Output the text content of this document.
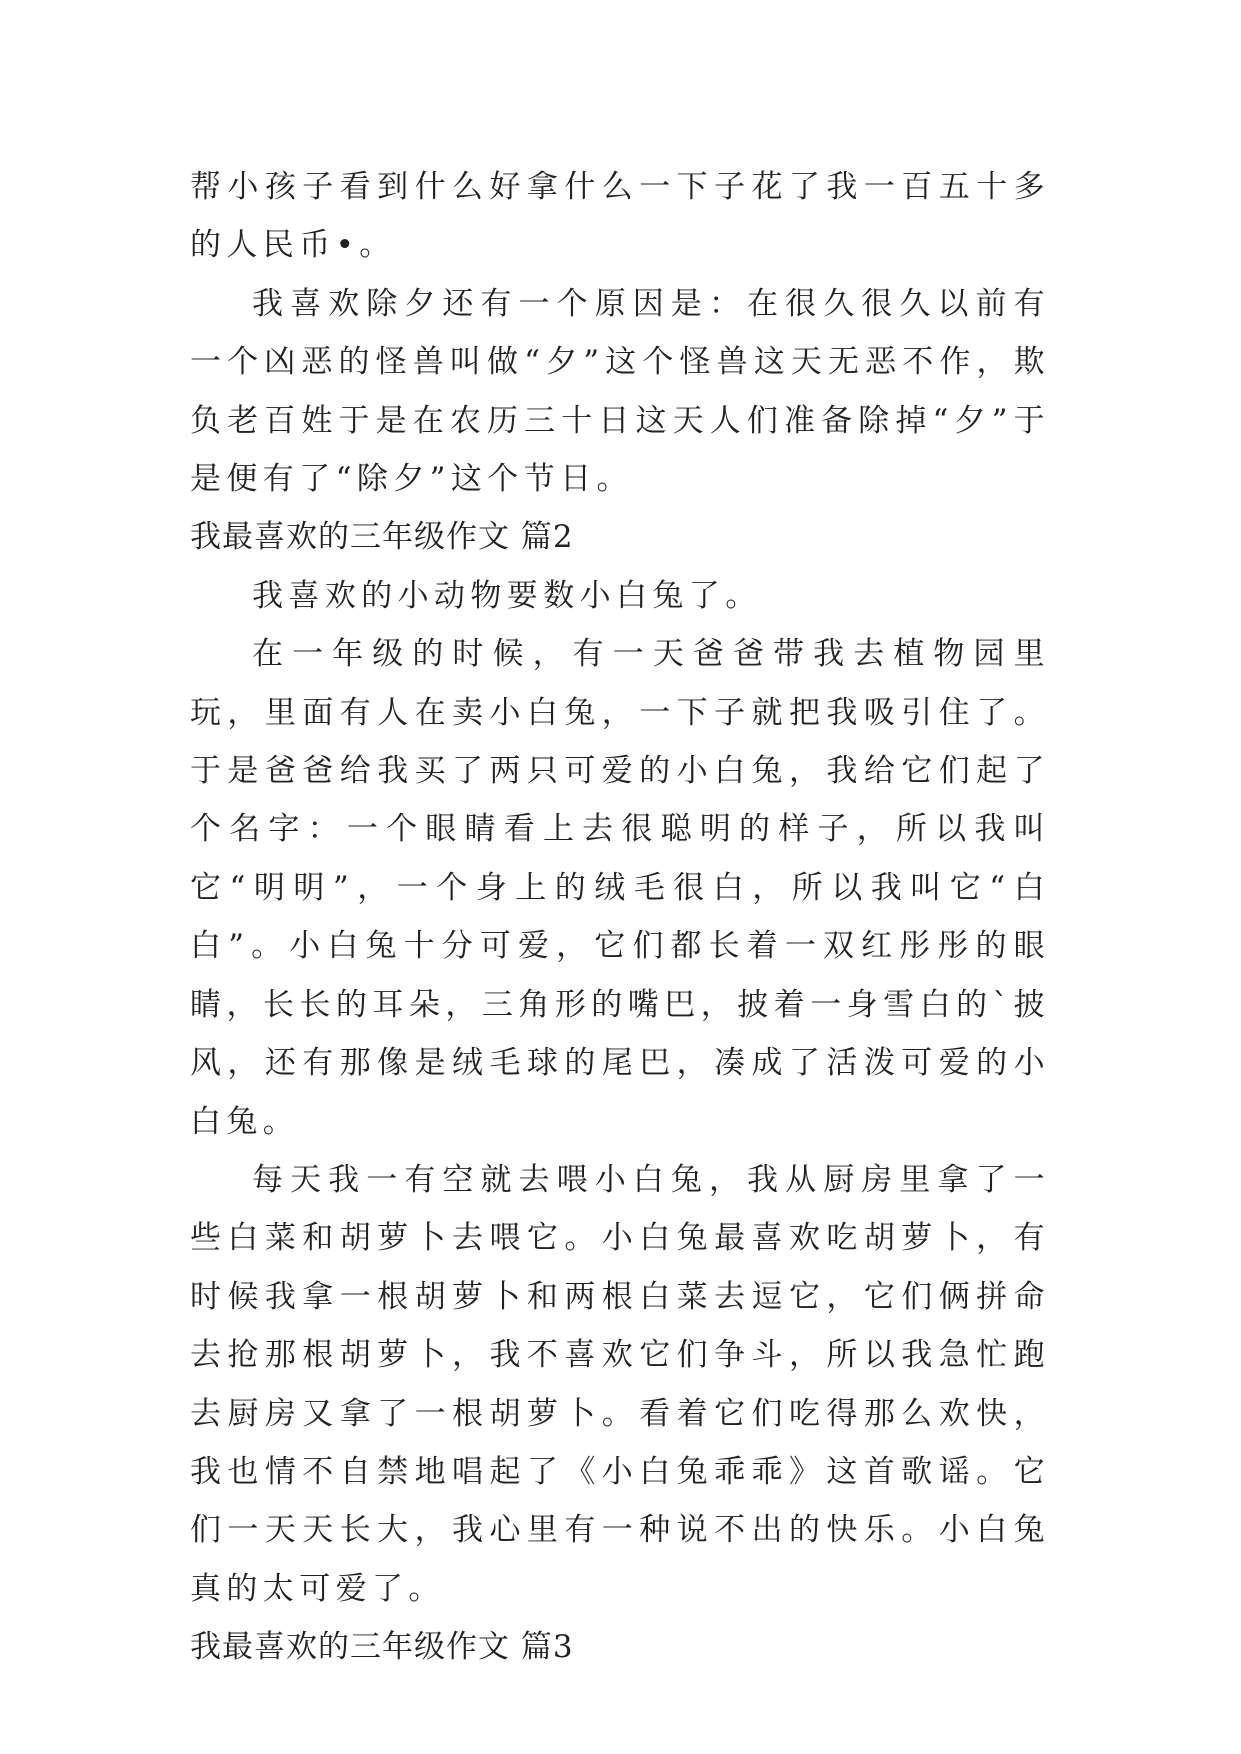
帮小孩子看到什么好拿什么一下子花了我一百五十多的人民币•。

我喜欢除夕还有一个原因是：在很久很久以前有一个凶恶的怪兽叫做“夕”这个怪兽这天无恶不作，欺负老百姓于是在农历三十日这天人们准备除掉“夕”于是便有了“除夕”这个节日。

我最喜欢的三年级作文 篇2

我喜欢的小动物要数小白兔了。

在一年级的时候，有一天爸爸带我去植物园里玩，里面有人在卖小白兔，一下子就把我吸引住了。于是爸爸给我买了两只可爱的小白兔，我给它们起了个名字：一个眼睛看上去很聪明的样子，所以我叫它“明明”，一个身上的绒毛很白，所以我叫它“白白”。小白兔十分可爱，它们都长着一双红彤彤的眼睛，长长的耳朵，三角形的嘴巴，披着一身雪白的`披风，还有那像是绒毛球的尾巴，凑成了活泼可爱的小白兔。

每天我一有空就去喂小白兔，我从厨房里拿了一些白菜和胡萝卜去喂它。小白兔最喜欢吃胡萝卜，有时候我拿一根胡萝卜和两根白菜去逗它，它们俩拼命去抢那根胡萝卜，我不喜欢它们争斗，所以我急忙跑去厨房又拿了一根胡萝卜。看着它们吃得那么欢快，我也情不自禁地唱起了《小白兔乖乖》这首歌谣。它们一天天长大，我心里有一种说不出的快乐。小白兔真的太可爱了。

我最喜欢的三年级作文 篇3
